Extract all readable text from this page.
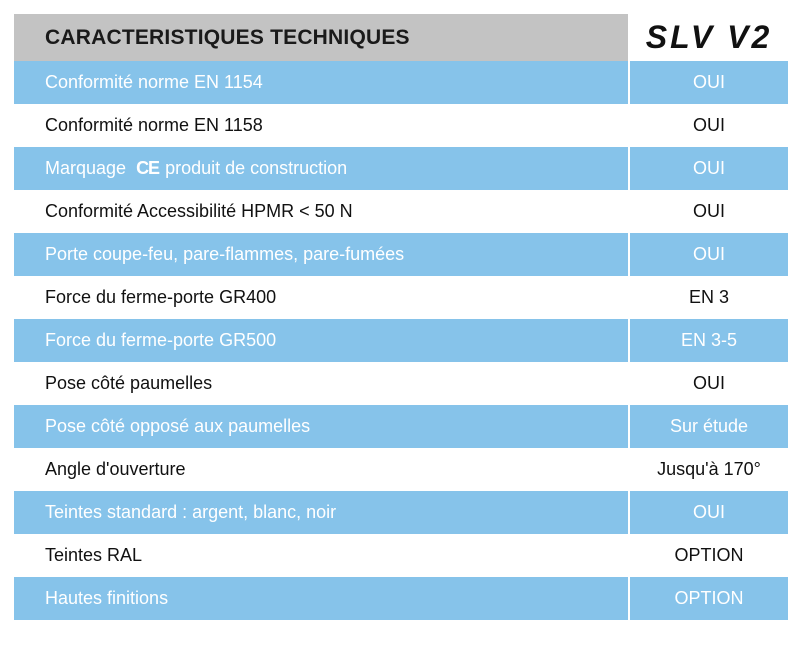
CARACTERISTIQUES TECHNIQUES	SLV V2
Conformité norme EN 1154	OUI
Conformité norme EN 1158	OUI
Marquage CE produit de construction	OUI
Conformité Accessibilité HPMR < 50 N	OUI
Porte coupe-feu, pare-flammes, pare-fumées	OUI
Force du ferme-porte GR400	EN 3
Force du ferme-porte GR500	EN 3-5
Pose côté paumelles	OUI
Pose côté opposé aux paumelles	Sur étude
Angle d'ouverture	Jusqu'à 170°
Teintes standard : argent, blanc, noir	OUI
Teintes RAL	OPTION
Hautes finitions	OPTION
